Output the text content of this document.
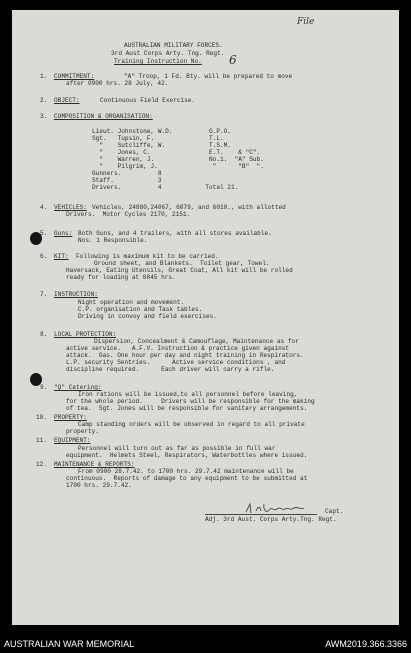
File
AUSTRALIAN MILITARY FORCES.
3rd Aust Corps Arty. Tng. Regt.
Training Instruction No. 6
1. COMMITMENT:	"A" Troop, 1 Fd. Bty. will be prepared to move
after 0900 hrs. 28 July, 42.
2. OBJECT:	Continuous Field Exercise.
3. COMPOSITION & ORGANISATION:
Lieut. Johnstone, W.D.          G.P.O.
Sgt.   Tupsin, F.               T.L.
"    Sutcliffe, W.            T.S.M.
"    Jones, C.                E.T.    & "C".
"    Warren, J.               No.1.  "A" Sub.
"    Pilgrim, J.               "      "B"  ".
Gunners.          8
Staff.            3
Drivers.          4            Total 21.
4. VEHICLES: Vehicles, 24880,24067, 6079, and 6010., with allotted
Drivers.  Motor Cycles 2170, 2151.
5. Guns: Both Guns, and 4 trailers, with all stores available.
Nos. 1 Responsible.
6. KIT: Following is maximum kit to be carried.
Ground sheet, and Blankets.  Toilet gear, Towel.
Haversack, Eating Utensils, Great Coat, All kit will be rolled
ready for loading at 0845 hrs.
7. INSTRUCTION:
Night operation and movement.
C.P. organisation and Task tables.
Driving in convoy and field exercises.
8. LOCAL PROTECTION:
Dispersion, Concealment & Camouflage, Maintenance as for
active service.   A.F.V. Instruction & practice given against
attack.  Gas. One hour per day and night training in Respirators.
L.P. security Sentries.      Active service conditions , and
discipline required.      Each driver will carry a rifle.
9. "Q" Catering:
Iron rations will be issued,to all personnel before leaving,
for the whole period.     Drivers will be responsible for the making
of tea.  Sgt. Jones will be responsible for sanitary arrangements.
10. PROPERTY:
Camp standing orders will be observed in regard to all private
property.
11. EQUIPMENT:
Personnel will turn out as far as possible in full war
equipment.  Helmets Steel, Respirators, Waterbottles where issued.
12. MAINTENANCE & REPORTS:
From 0900 28.7.42. to 1700 hrs. 29.7.42 maintenance will be
continuous.  Reports of damage to any equipment to be submitted at
1700 hrs. 29.7.42.
Capt.
Adj. 3rd Aust. Corps Arty.Tng. Regt.
AUSTRALIAN WAR MEMORIAL	AWM2019.366.3366
